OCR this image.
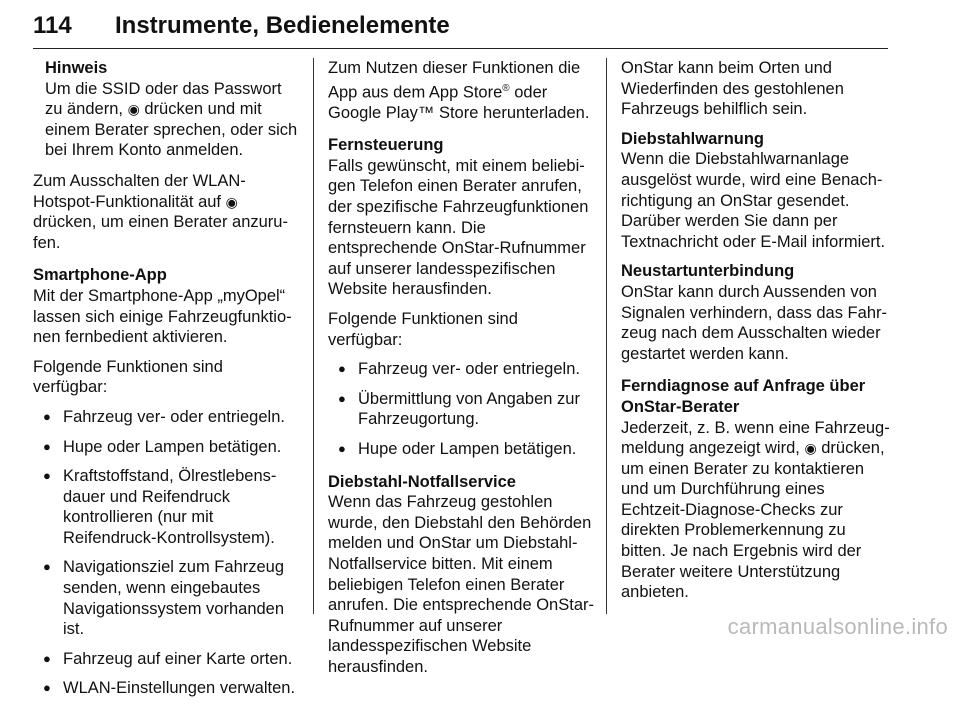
114 Instrumente, Bedienelemente
Hinweis
Um die SSID oder das Passwort zu ändern, ◉ drücken und mit einem Berater sprechen, oder sich bei Ihrem Konto anmelden.

Zum Ausschalten der WLAN-Hotspot-Funktionalität auf ◉ drücken, um einen Berater anzurufen.

Smartphone-App

Mit der Smartphone-App „myOpel“ lassen sich einige Fahrzeugfunktionen fernbedient aktivieren.

Folgende Funktionen sind verfügbar:

● Fahrzeug ver- oder entriegeln.
● Hupe oder Lampen betätigen.
● Kraftstoffstand, Ölrestlebensdauer und Reifendruck kontrollieren (nur mit Reifendruck-Kontrollsystem).
● Navigationsziel zum Fahrzeug senden, wenn eingebautes Navigationssystem vorhanden ist.
● Fahrzeug auf einer Karte orten.
● WLAN-Einstellungen verwalten.

Zum Nutzen dieser Funktionen die App aus dem App Store® oder Google Play™ Store herunterladen.

Fernsteuerung

Falls gewünscht, mit einem beliebigen Telefon einen Berater anrufen, der spezifische Fahrzeugfunktionen fernsteuern kann. Die entsprechende OnStar-Rufnummer auf unserer landesspezifischen Website herausfinden.

Folgende Funktionen sind verfügbar:

● Fahrzeug ver- oder entriegeln.
● Übermittlung von Angaben zur Fahrzeugortung.
● Hupe oder Lampen betätigen.
Diebstahl-Notfallservice

Wenn das Fahrzeug gestohlen wurde, den Diebstahl den Behörden melden und OnStar um Diebstahl-Notfallservice bitten. Mit einem beliebigen Telefon einen Berater anrufen. Die entsprechende OnStar-Rufnummer auf unserer landesspezifischen Website herausfinden.

OnStar kann beim Orten und Wiederfinden des gestohlenen Fahrzeugs behilflich sein.

Diebstahlwarnung

Wenn die Diebstahlwarnanlage ausgelöst wurde, wird eine Benachrichtigung an OnStar gesendet. Darüber werden Sie dann per Textnachricht oder E-Mail informiert.

Neustartunterbindung

OnStar kann durch Aussenden von Signalen verhindern, dass das Fahrzeug nach dem Ausschalten wieder gestartet werden kann.

Ferndiagnose auf Anfrage über OnStar-Berater

Jederzeit, z. B. wenn eine Fahrzeugmeldung angezeigt wird, ◉ drücken, um einen Berater zu kontaktieren und um Durchführung eines Echtzeit-Diagnose-Checks zur direkten Problemerkennung zu bitten. Je nach Ergebnis wird der Berater weitere Unterstützung anbieten.

carmanualsonline.info
